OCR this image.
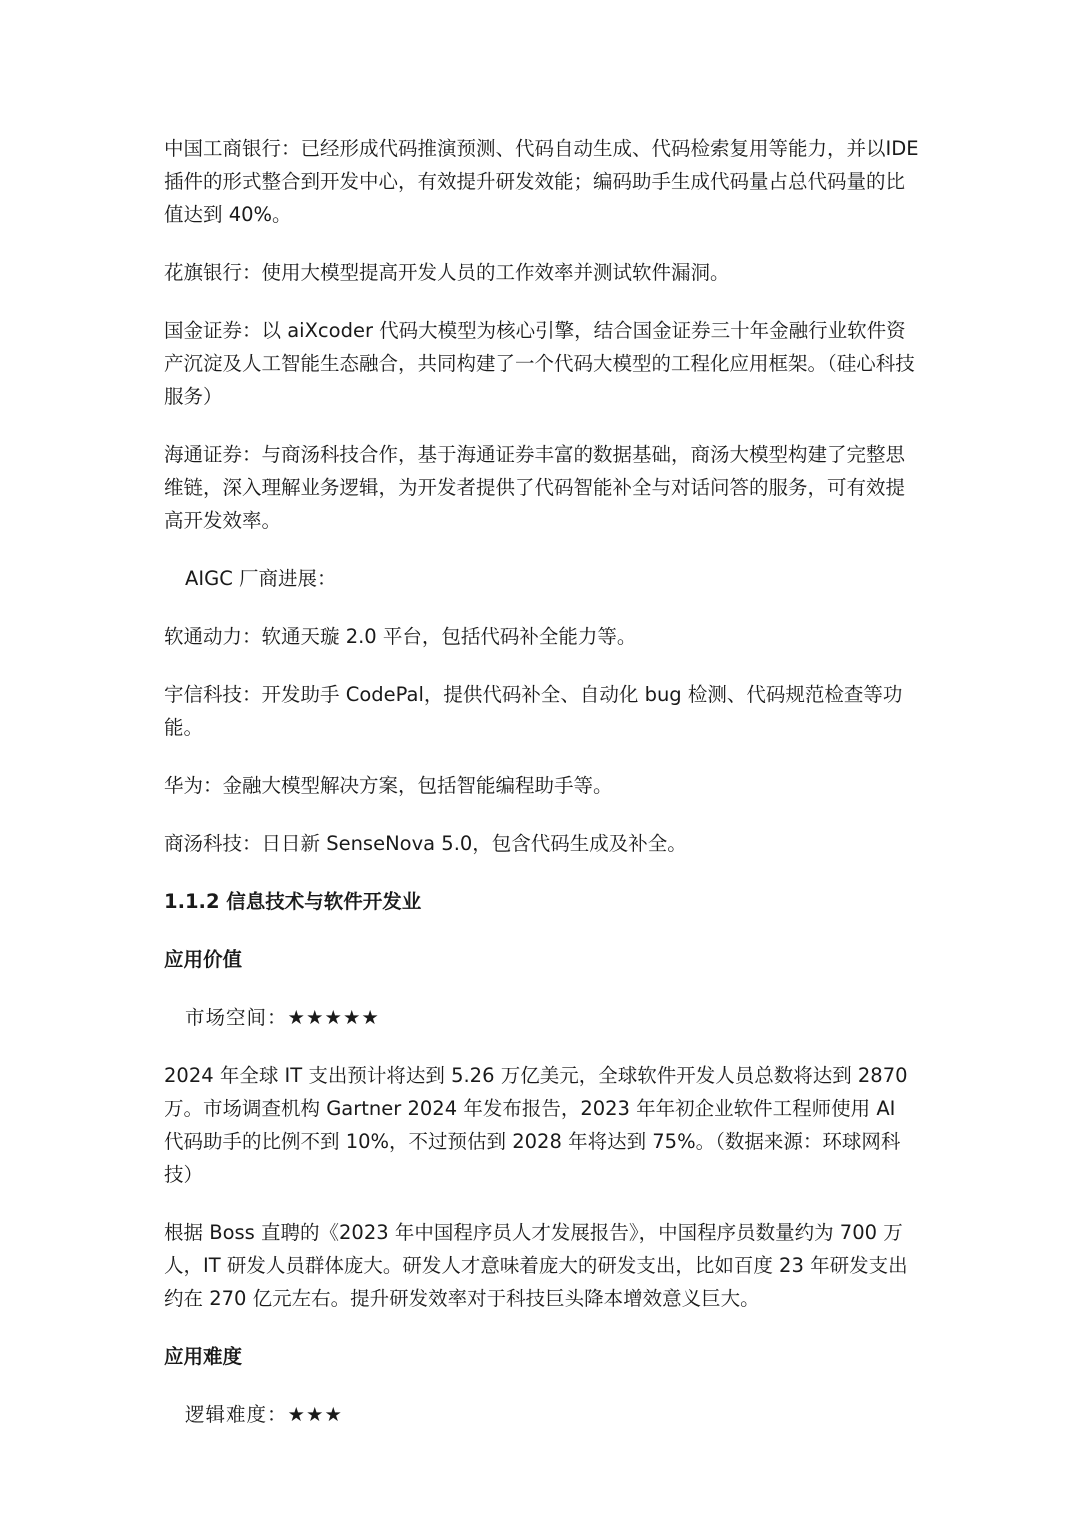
中国工商银行：已经形成代码推演预测、代码自动生成、代码检索复用等能力，并以IDE 插件的形式整合到开发中心，有效提升研发效能；编码助手生成代码量占总代码量的比值达到 40%。

花旗银行：使用大模型提高开发人员的工作效率并测试软件漏洞。

国金证券：以 aiXcoder 代码大模型为核心引擎，结合国金证券三十年金融行业软件资产沉淀及人工智能生态融合，共同构建了一个代码大模型的工程化应用框架。（硅心科技服务）

海通证券：与商汤科技合作，基于海通证券丰富的数据基础，商汤大模型构建了完整思维链，深入理解业务逻辑，为开发者提供了代码智能补全与对话问答的服务，可有效提高开发效率。

AIGC 厂商进展：

软通动力：软通天璇 2.0 平台，包括代码补全能力等。

宇信科技：开发助手 CodePal，提供代码补全、自动化 bug 检测、代码规范检查等功能。

华为：金融大模型解决方案，包括智能编程助手等。

商汤科技：日日新 SenseNova 5.0，包含代码生成及补全。

1.1.2 信息技术与软件开发业

应用价值

市场空间：★★★★★

2024 年全球 IT 支出预计将达到 5.26 万亿美元，全球软件开发人员总数将达到 2870 万。市场调查机构 Gartner 2024 年发布报告，2023 年年初企业软件工程师使用 AI 代码助手的比例不到 10%，不过预估到 2028 年将达到 75%。（数据来源：环球网科技）

根据 Boss 直聘的《2023 年中国程序员人才发展报告》，中国程序员数量约为 700 万人，IT 研发人员群体庞大。研发人才意味着庞大的研发支出，比如百度 23 年研发支出约在 270 亿元左右。提升研发效率对于科技巨头降本增效意义巨大。

应用难度

逻辑难度：★★★
